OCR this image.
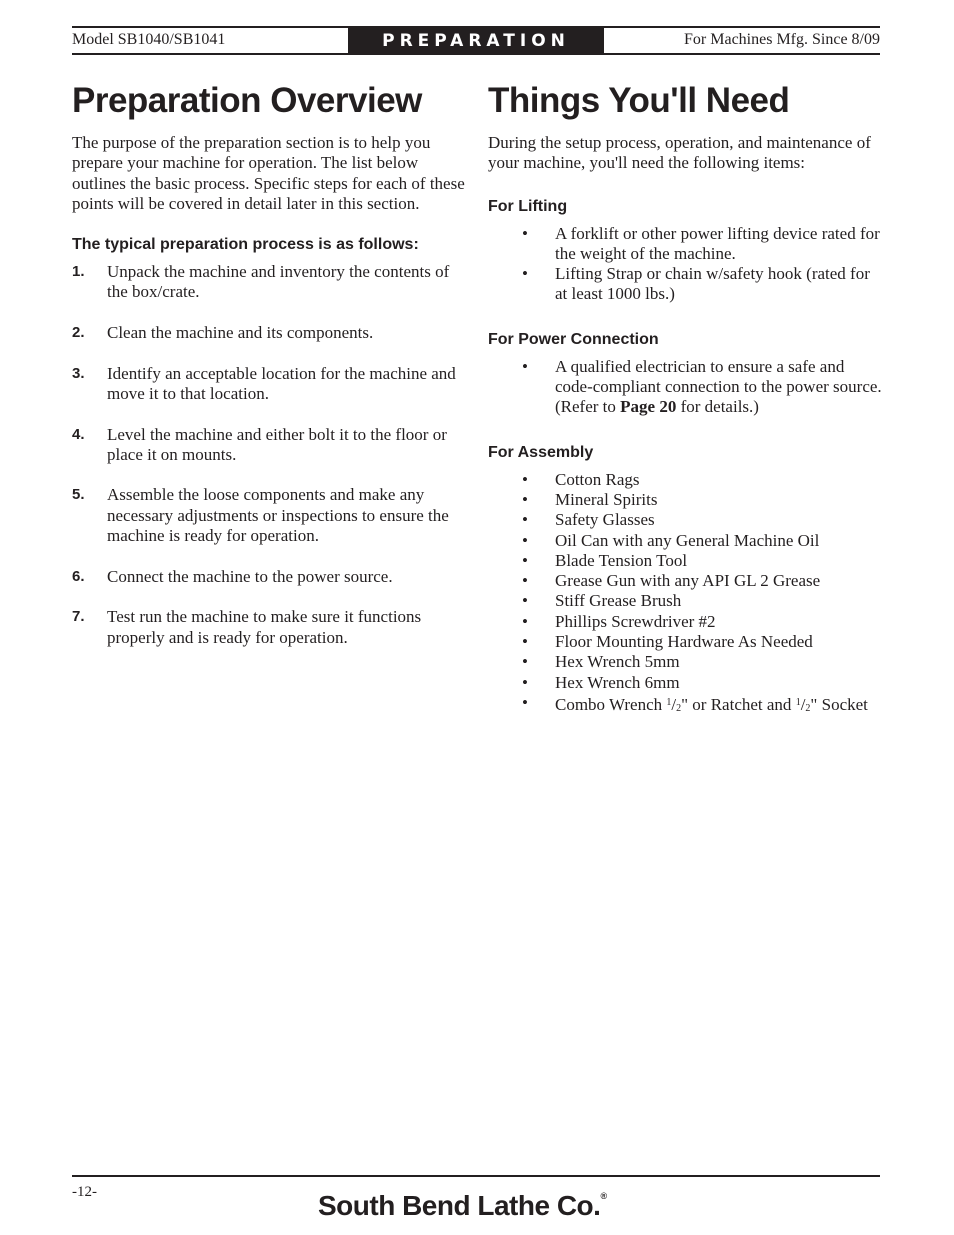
Model SB1040/SB1041	PREPARATION	For Machines Mfg. Since 8/09
Preparation Overview

The purpose of the preparation section is to help you prepare your machine for operation. The list below outlines the basic process. Specific steps for each of these points will be covered in detail later in this section.

The typical preparation process is as follows:
1. Unpack the machine and inventory the contents of the box/crate.
2. Clean the machine and its components.
3. Identify an acceptable location for the machine and move it to that location.
4. Level the machine and either bolt it to the floor or place it on mounts.
5. Assemble the loose components and make any necessary adjustments or inspections to ensure the machine is ready for operation.
6. Connect the machine to the power source.
7. Test run the machine to make sure it functions properly and is ready for operation.
Things You'll Need

During the setup process, operation, and maintenance of your machine, you'll need the following items:

For Lifting
• A forklift or other power lifting device rated for the weight of the machine.
• Lifting Strap or chain w/safety hook (rated for at least 1000 lbs.)
For Power Connection
• A qualified electrician to ensure a safe and code-compliant connection to the power source. (Refer to Page 20 for details.)
For Assembly
• Cotton Rags
• Mineral Spirits
• Safety Glasses
• Oil Can with any General Machine Oil
• Blade Tension Tool
• Grease Gun with any API GL 2 Grease
• Stiff Grease Brush
• Phillips Screwdriver #2
• Floor Mounting Hardware As Needed
• Hex Wrench 5mm
• Hex Wrench 6mm
• Combo Wrench $^1/_2$" or Ratchet and $^1/_2$" Socket
-12-	South Bend Lathe Co.®
